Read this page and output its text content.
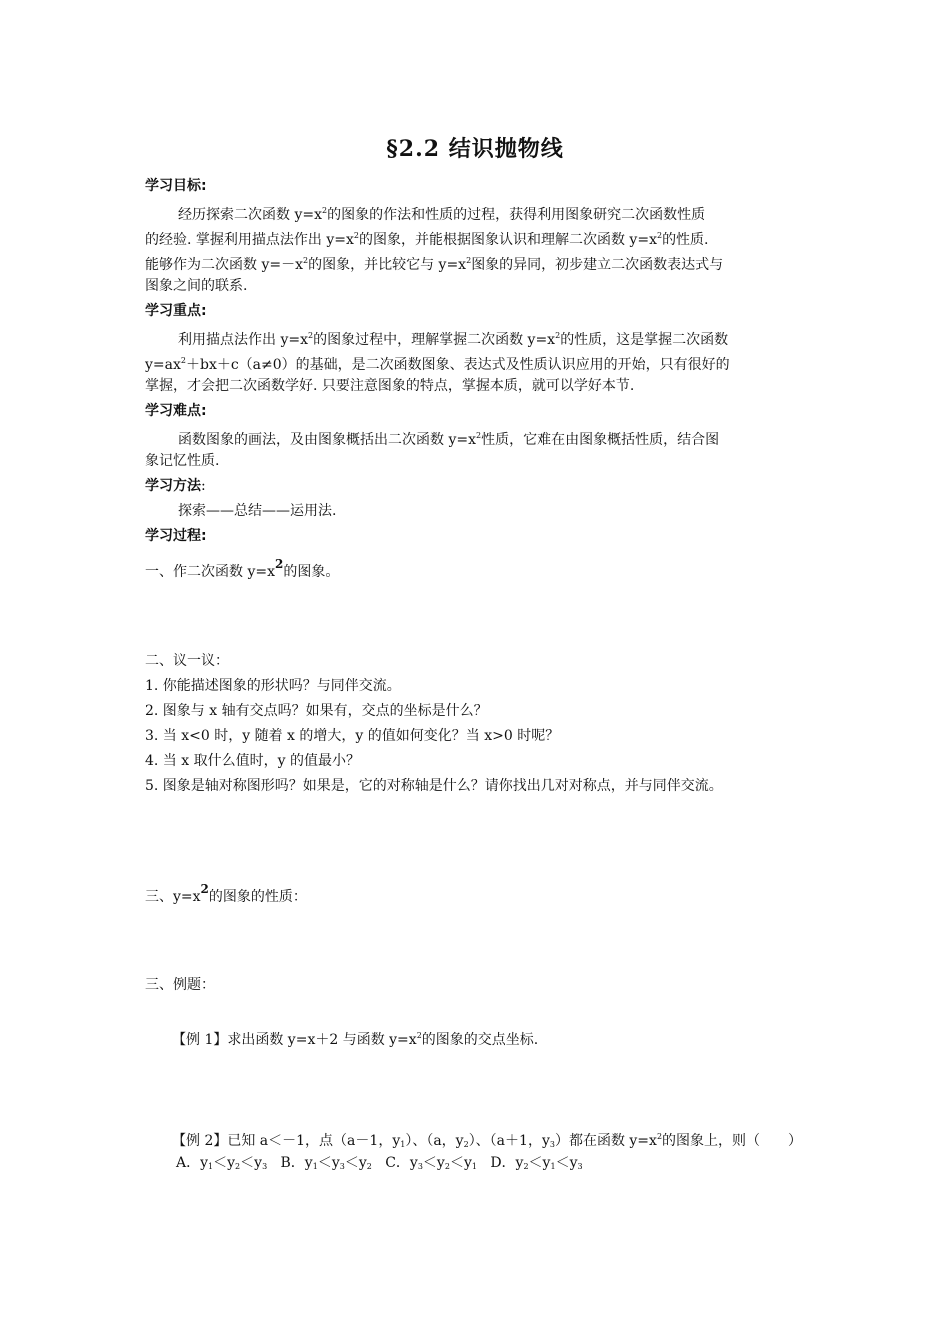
§2.2 结识抛物线
学习目标:
经历探索二次函数 $y=x^2$的图象的作法和性质的过程，获得利用图象研究二次函数性质
的经验. 掌握利用描点法作出 $y=x^2$的图象，并能根据图象认识和理解二次函数 $y=x^2$的性质.
能够作为二次函数 $y=-x^2$的图象，并比较它与 $y=x^2$图象的异同，初步建立二次函数表达式与
图象之间的联系.
学习重点:
利用描点法作出 $y=x^2$的图象过程中，理解掌握二次函数 $y=x^2$的性质，这是掌握二次函数
$y=ax^2+bx+c(a\ne 0)$的基础，是二次函数图象、表达式及性质认识应用的开始，只有很好的
掌握，才会把二次函数学好. 只要注意图象的特点，掌握本质，就可以学好本节.
学习难点:
函数图象的画法，及由图象概括出二次函数 $y=x^2$性质，它难在由图象概括性质，结合图
象记忆性质.
学习方法:
探索——总结——运用法.
学习过程:
一、作二次函数 $y=x^2$的图象。
二、议一议：
1. 你能描述图象的形状吗？与同伴交流。
2. 图象与 x 轴有交点吗？如果有，交点的坐标是什么？
3. 当 x<0 时，y 随着 x 的增大，y 的值如何变化？当 x>0 时呢？
4. 当 x 取什么值时，y 的值最小？
5. 图象是轴对称图形吗？如果是，它的对称轴是什么？请你找出几对对称点，并与同伴交流。
三、$y=x^2$的图象的性质：
三、例题：
【例 1】求出函数 y=x＋2 与函数 $y=x^2$的图象的交点坐标.
【例 2】已知 a＜－1，点（a－1，$y_1$）、（a，$y_2$）、（a＋1，$y_3$）都在函数 $y=x^2$的图象上，则（　　）
A．$y_1<y_2<y_3$ B．$y_1<y_3<y_2$ C．$y_3<y_2<y_1$ D．$y_2<y_1<y_3$
